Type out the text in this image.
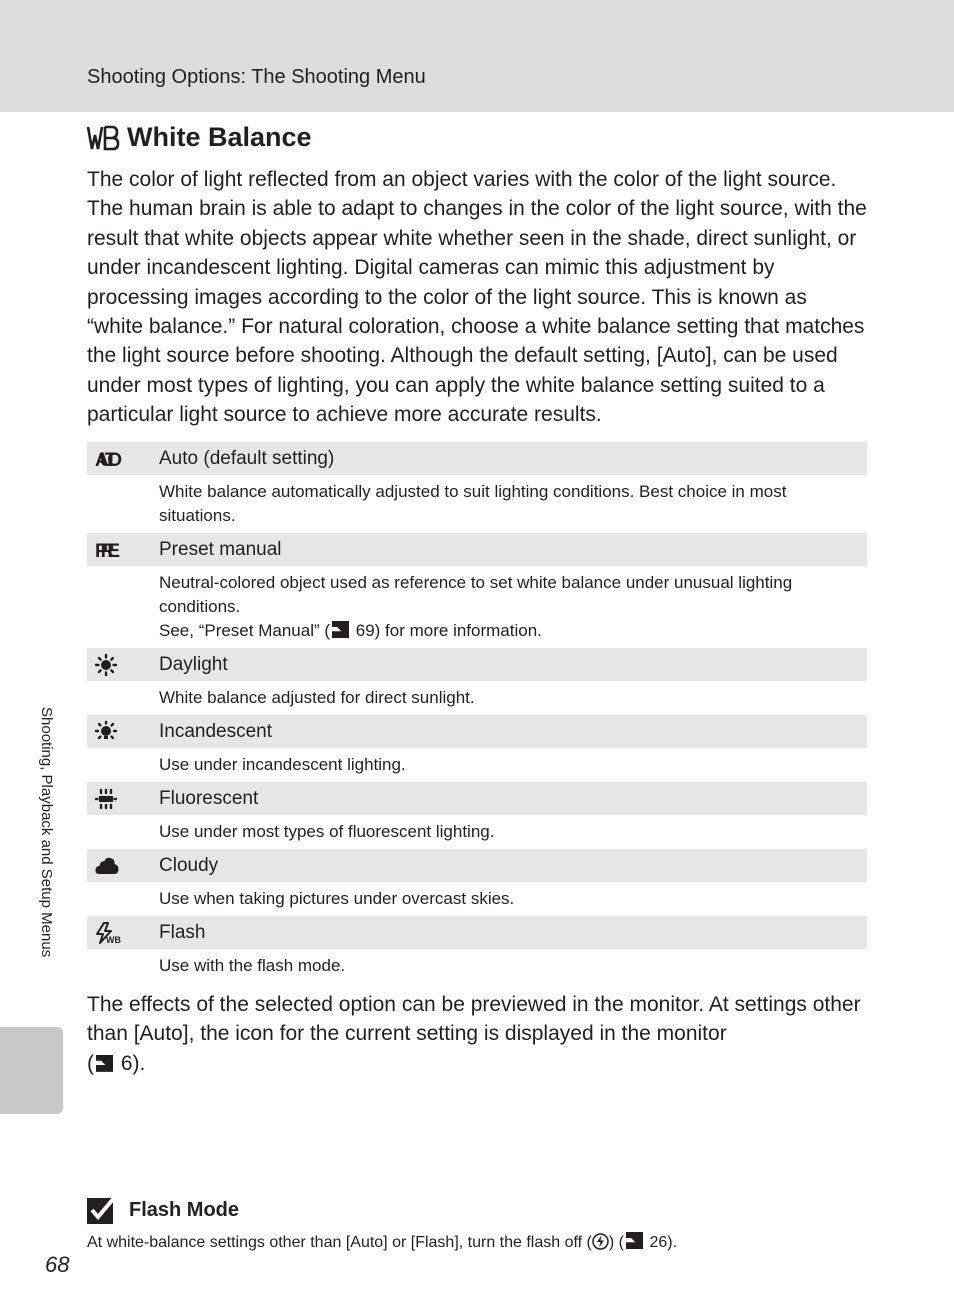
Shooting Options: The Shooting Menu
White Balance

The color of light reflected from an object varies with the color of the light source. The human brain is able to adapt to changes in the color of the light source, with the result that white objects appear white whether seen in the shade, direct sunlight, or under incandescent lighting. Digital cameras can mimic this adjustment by processing images according to the color of the light source. This is known as “white balance.” For natural coloration, choose a white balance setting that matches the light source before shooting. Although the default setting, [Auto], can be used under most types of lighting, you can apply the white balance setting suited to a particular light source to achieve more accurate results.

AUTO Auto (default setting)

White balance automatically adjusted to suit lighting conditions. Best choice in most situations.

PRE Preset manual

Neutral-colored object used as reference to set white balance under unusual lighting conditions.

See, “Preset Manual” ( 69) for more information.

Daylight

White balance adjusted for direct sunlight.

Incandescent

Use under incandescent lighting.

Fluorescent

Use under most types of fluorescent lighting.

Cloudy

Use when taking pictures under overcast skies.

WB Flash

Use with the flash mode.

The effects of the selected option can be previewed in the monitor. At settings other than [Auto], the icon for the current setting is displayed in the monitor
( 6).

Flash Mode
At white-balance settings other than [Auto] or [Flash], turn the flash off ( ) ( 26).
Shooting, Playback and Setup Menus
68
